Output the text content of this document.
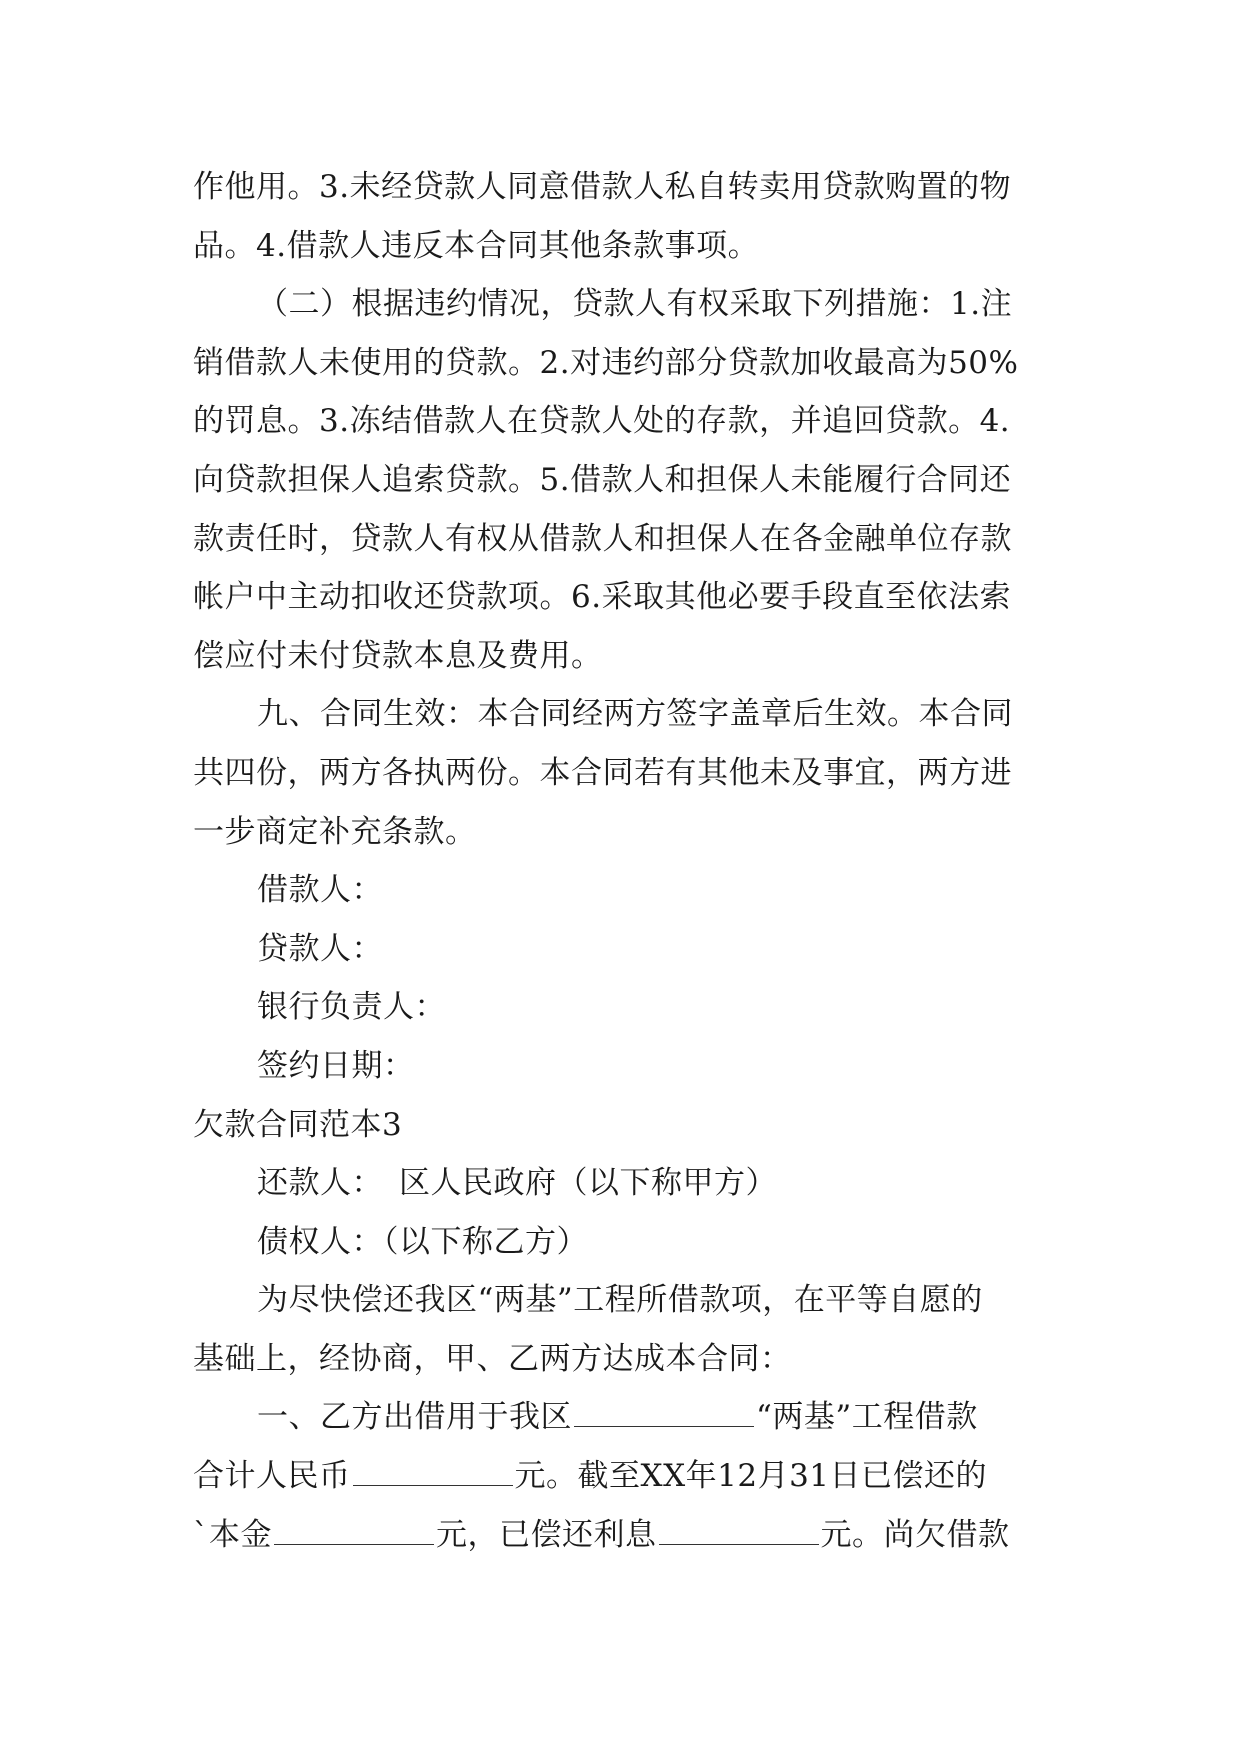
作他用。3.未经贷款人同意借款人私自转卖用贷款购置的物
品。4.借款人违反本合同其他条款事项。
（二）根据违约情况，贷款人有权采取下列措施：1.注
销借款人未使用的贷款。2.对违约部分贷款加收最高为50%
的罚息。3.冻结借款人在贷款人处的存款，并追回贷款。4.
向贷款担保人追索贷款。5.借款人和担保人未能履行合同还
款责任时，贷款人有权从借款人和担保人在各金融单位存款
帐户中主动扣收还贷款项。6.采取其他必要手段直至依法索
偿应付未付贷款本息及费用。
九、合同生效：本合同经两方签字盖章后生效。本合同
共四份，两方各执两份。本合同若有其他未及事宜，两方进
一步商定补充条款。
借款人：
贷款人：
银行负责人：
签约日期：
欠款合同范本3
还款人：　区人民政府（以下称甲方）
债权人：（以下称乙方）
为尽快偿还我区“两基”工程所借款项，在平等自愿的
基础上，经协商，甲、乙两方达成本合同：
一、乙方出借用于我区	“两基”工程借款
合计人民币	元。截至XX年12月31日已偿还的
`本金	元，已偿还利息	元。尚欠借款
